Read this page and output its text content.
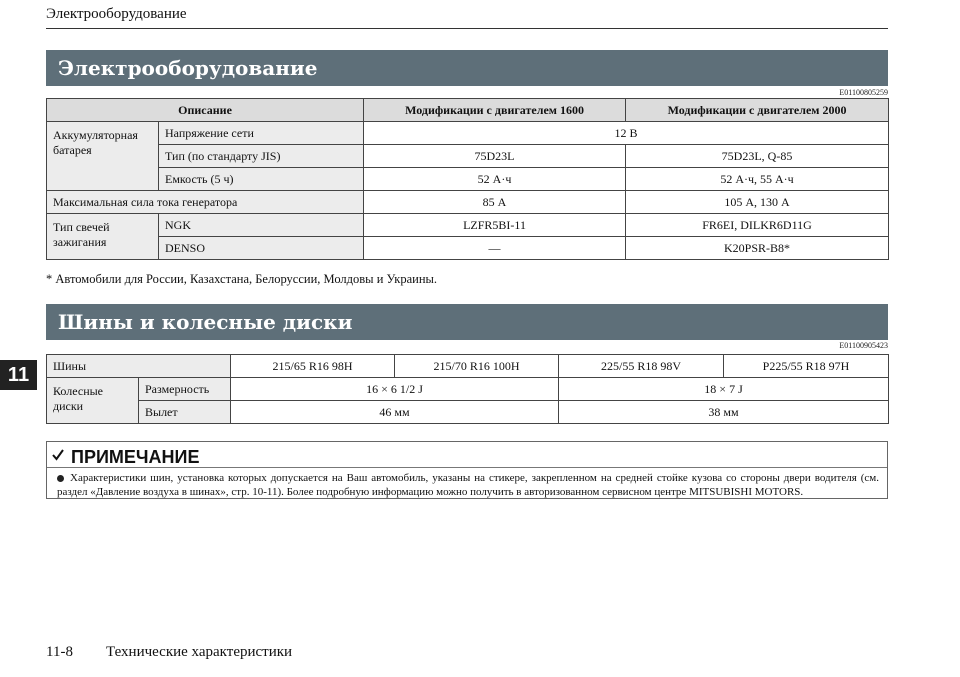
Электрооборудование
Электрооборудование
E01100805259
Описание		Модификации с двигателем 1600	Модификации с двигателем 2000
Аккумуляторная батарея	Напряжение сети	12 В	
	Тип (по стандарту JIS)	75D23L	75D23L, Q-85
	Емкость (5 ч)	52 А·ч	52 А·ч, 55 А·ч
Максимальная сила тока генератора		85 А	105 А, 130 А
Тип свечей зажигания	NGK	LZFR5BI-11	FR6EI, DILKR6D11G
	DENSO	—	K20PSR-B8*
* Автомобили для России, Казахстана, Белоруссии, Молдовы и Украины.
Шины и колесные диски
E01100905423
11	Шины		215/65 R16 98H	215/70 R16 100H	225/55 R18 98V	P225/55 R18 97H
Колесные диски	Размерность	16 × 6 1/2 J		18 × 7 J	
	Вылет	46 мм		38 мм	
ПРИМЕЧАНИЕ
Характеристики шин, установка которых допускается на Ваш автомобиль, указаны на стикере, закрепленном на средней стойке кузова со стороны двери водителя (см. раздел «Давление воздуха в шинах», стр. 10-11). Более подробную информацию можно получить в авторизованном сервисном центре MITSUBISHI MOTORS.
11-8 Технические характеристики
